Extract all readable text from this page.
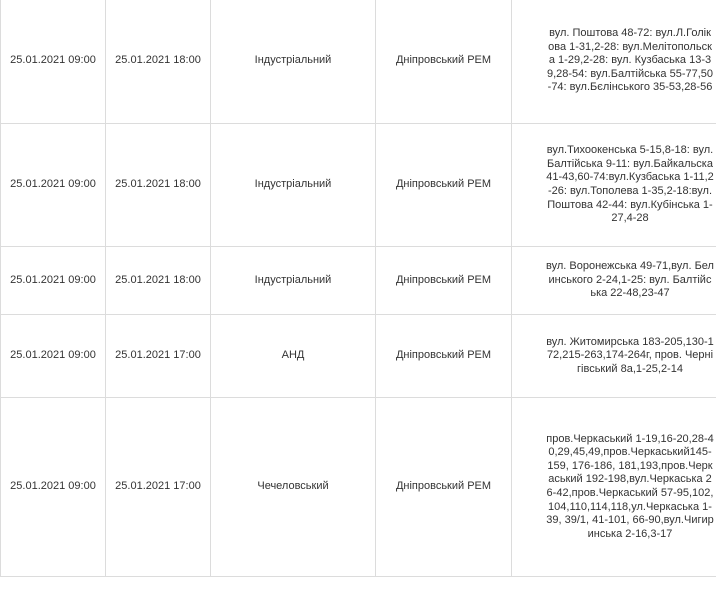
25.01.2021 09:00	25.01.2021 18:00	Індустріальний	Дніпровський РЕМ	вул. Поштова 48-72: вул.Л.Голікова 1-31,2-28: вул.Мелітопольска 1-29,2-28: вул. Кузбаська 13-39,28-54: вул.Балтійська 55-77,50-74: вул.Бєлінського 35-53,28-56
25.01.2021 09:00	25.01.2021 18:00	Індустріальний	Дніпровський РЕМ	вул.Тихоокенська 5-15,8-18: вул.Балтійська 9-11: вул.Байкальска 41-43,60-74:вул.Кузбаська 1-11,2-26: вул.Тополева 1-35,2-18:вул.Поштова 42-44: вул.Кубінська 1-27,4-28
25.01.2021 09:00	25.01.2021 18:00	Індустріальний	Дніпровський РЕМ	вул. Воронежська 49-71,вул. Белинського 2-24,1-25: вул. Балтійська 22-48,23-47
25.01.2021 09:00	25.01.2021 17:00	АНД	Дніпровський РЕМ	вул. Житомирська 183-205,130-172,215-263,174-264г, пров. Чернігівський 8а,1-25,2-14
25.01.2021 09:00	25.01.2021 17:00	Чечеловський	Дніпровський РЕМ	пров.Черкаський 1-19,16-20,28-40,29,45,49,пров.Черкаський145-159, 176-186, 181,193,пров.Черкаський 192-198,вул.Черкаська 26-42,пров.Черкаський 57-95,102,104,110,114,118,ул.Черкаська 1-39, 39/1, 41-101, 66-90,вул.Чигиринська 2-16,3-17
